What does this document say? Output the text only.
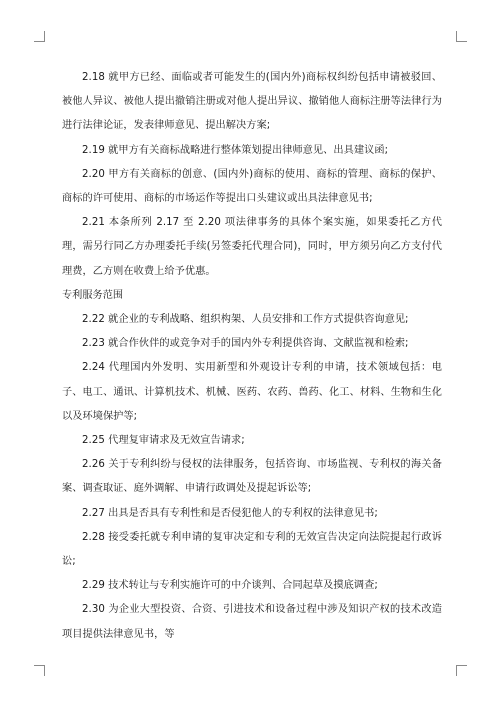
2.18 就甲方已经、面临或者可能发生的(国内外)商标权纠纷包括申请被驳回、被他人异议、被他人提出撤销注册或对他人提出异议、撤销他人商标注册等法律行为进行法律论证，发表律师意见、提出解决方案;

2.19 就甲方有关商标战略进行整体策划提出律师意见、出具建议函;

2.20 甲方有关商标的创意、(国内外)商标的使用、商标的管理、商标的保护、商标的许可使用、商标的市场运作等提出口头建议或出具法律意见书;

2.21 本条所列 2.17 至 2.20 项法律事务的具体个案实施，如果委托乙方代理，需另行同乙方办理委托手续(另签委托代理合同)，同时，甲方须另向乙方支付代理费，乙方则在收费上给予优惠。

专利服务范围

2.22 就企业的专利战略、组织构架、人员安排和工作方式提供咨询意见;

2.23 就合作伙伴的或竞争对手的国内外专利提供咨询、文献监视和检索;

2.24 代理国内外发明、实用新型和外观设计专利的申请，技术领域包括：电子、电工、通讯、计算机技术、机械、医药、农药、兽药、化工、材料、生物和生化以及环境保护等;

2.25 代理复审请求及无效宣告请求;

2.26 关于专利纠纷与侵权的法律服务，包括咨询、市场监视、专利权的海关备案、调查取证、庭外调解、申请行政调处及提起诉讼等;

2.27 出具是否具有专利性和是否侵犯他人的专利权的法律意见书;

2.28 接受委托就专利申请的复审决定和专利的无效宣告决定向法院提起行政诉讼;

2.29 技术转让与专利实施许可的中介谈判、合同起草及摸底调查;

2.30 为企业大型投资、合资、引进技术和设备过程中涉及知识产权的技术改造项目提供法律意见书，等
